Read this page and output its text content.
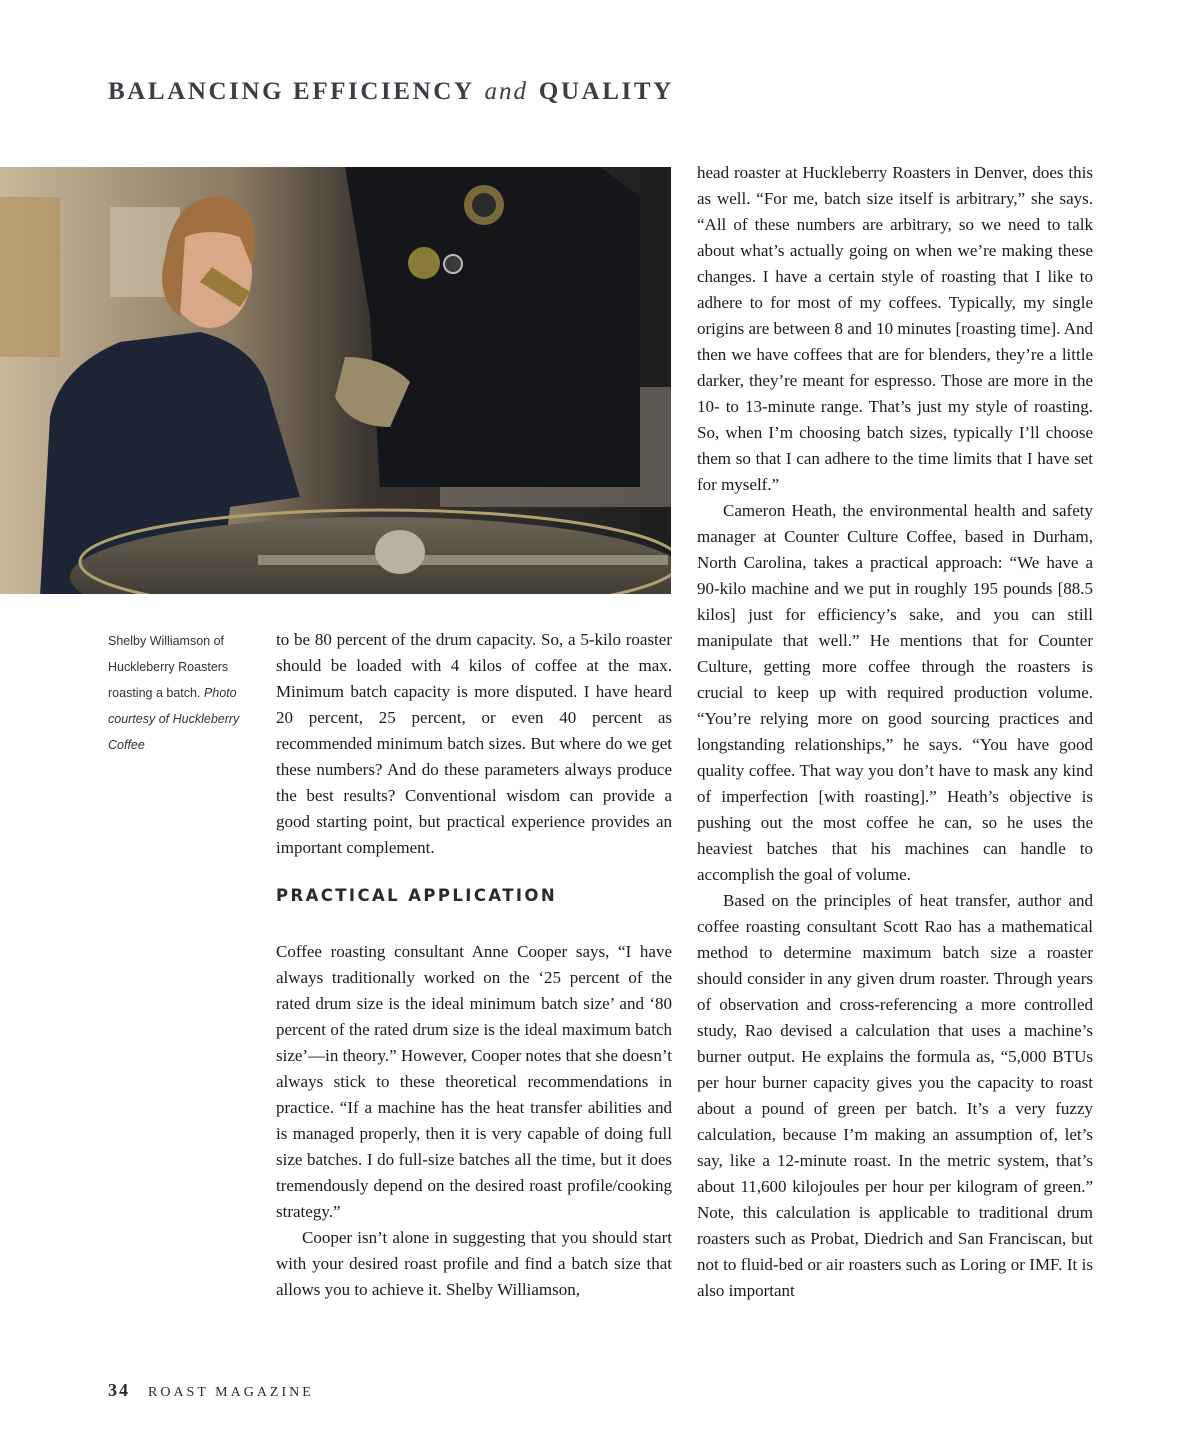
BALANCING EFFICIENCY and QUALITY
Shelby Williamson of Huckleberry Roasters roasting a batch. Photo courtesy of Huckleberry Coffee

to be 80 percent of the drum capacity. So, a 5-kilo roaster should be loaded with 4 kilos of coffee at the max. Minimum batch capacity is more disputed. I have heard 20 percent, 25 percent, or even 40 percent as recommended minimum batch sizes. But where do we get these numbers? And do these parameters always produce the best results? Conventional wisdom can provide a good starting point, but practical experience provides an important complement.

PRACTICAL APPLICATION

Coffee roasting consultant Anne Cooper says, “I have always traditionally worked on the ‘25 percent of the rated drum size is the ideal minimum batch size’ and ‘80 percent of the rated drum size is the ideal maximum batch size’—in theory.” However, Cooper notes that she doesn’t always stick to these theoretical recommendations in practice. “If a machine has the heat transfer abilities and is managed properly, then it is very capable of doing full size batches. I do full-size batches all the time, but it does tremendously depend on the desired roast profile/cooking strategy.”

Cooper isn’t alone in suggesting that you should start with your desired roast profile and find a batch size that allows you to achieve it. Shelby Williamson,

head roaster at Huckleberry Roasters in Denver, does this as well. “For me, batch size itself is arbitrary,” she says. “All of these numbers are arbitrary, so we need to talk about what’s actually going on when we’re making these changes. I have a certain style of roasting that I like to adhere to for most of my coffees. Typically, my single origins are between 8 and 10 minutes [roasting time]. And then we have coffees that are for blenders, they’re a little darker, they’re meant for espresso. Those are more in the 10- to 13-minute range. That’s just my style of roasting. So, when I’m choosing batch sizes, typically I’ll choose them so that I can adhere to the time limits that I have set for myself.”

Cameron Heath, the environmental health and safety manager at Counter Culture Coffee, based in Durham, North Carolina, takes a practical approach: “We have a 90-kilo machine and we put in roughly 195 pounds [88.5 kilos] just for efficiency’s sake, and you can still manipulate that well.” He mentions that for Counter Culture, getting more coffee through the roasters is crucial to keep up with required production volume. “You’re relying more on good sourcing practices and longstanding relationships,” he says. “You have good quality coffee. That way you don’t have to mask any kind of imperfection [with roasting].” Heath’s objective is pushing out the most coffee he can, so he uses the heaviest batches that his machines can handle to accomplish the goal of volume.

Based on the principles of heat transfer, author and coffee roasting consultant Scott Rao has a mathematical method to determine maximum batch size a roaster should consider in any given drum roaster. Through years of observation and cross-referencing a more controlled study, Rao devised a calculation that uses a machine’s burner output. He explains the formula as, “5,000 BTUs per hour burner capacity gives you the capacity to roast about a pound of green per batch. It’s a very fuzzy calculation, because I’m making an assumption of, let’s say, like a 12-minute roast. In the metric system, that’s about 11,600 kilojoules per hour per kilogram of green.” Note, this calculation is applicable to traditional drum roasters such as Probat, Diedrich and San Franciscan, but not to fluid-bed or air roasters such as Loring or IMF. It is also important

34 ROAST MAGAZINE
